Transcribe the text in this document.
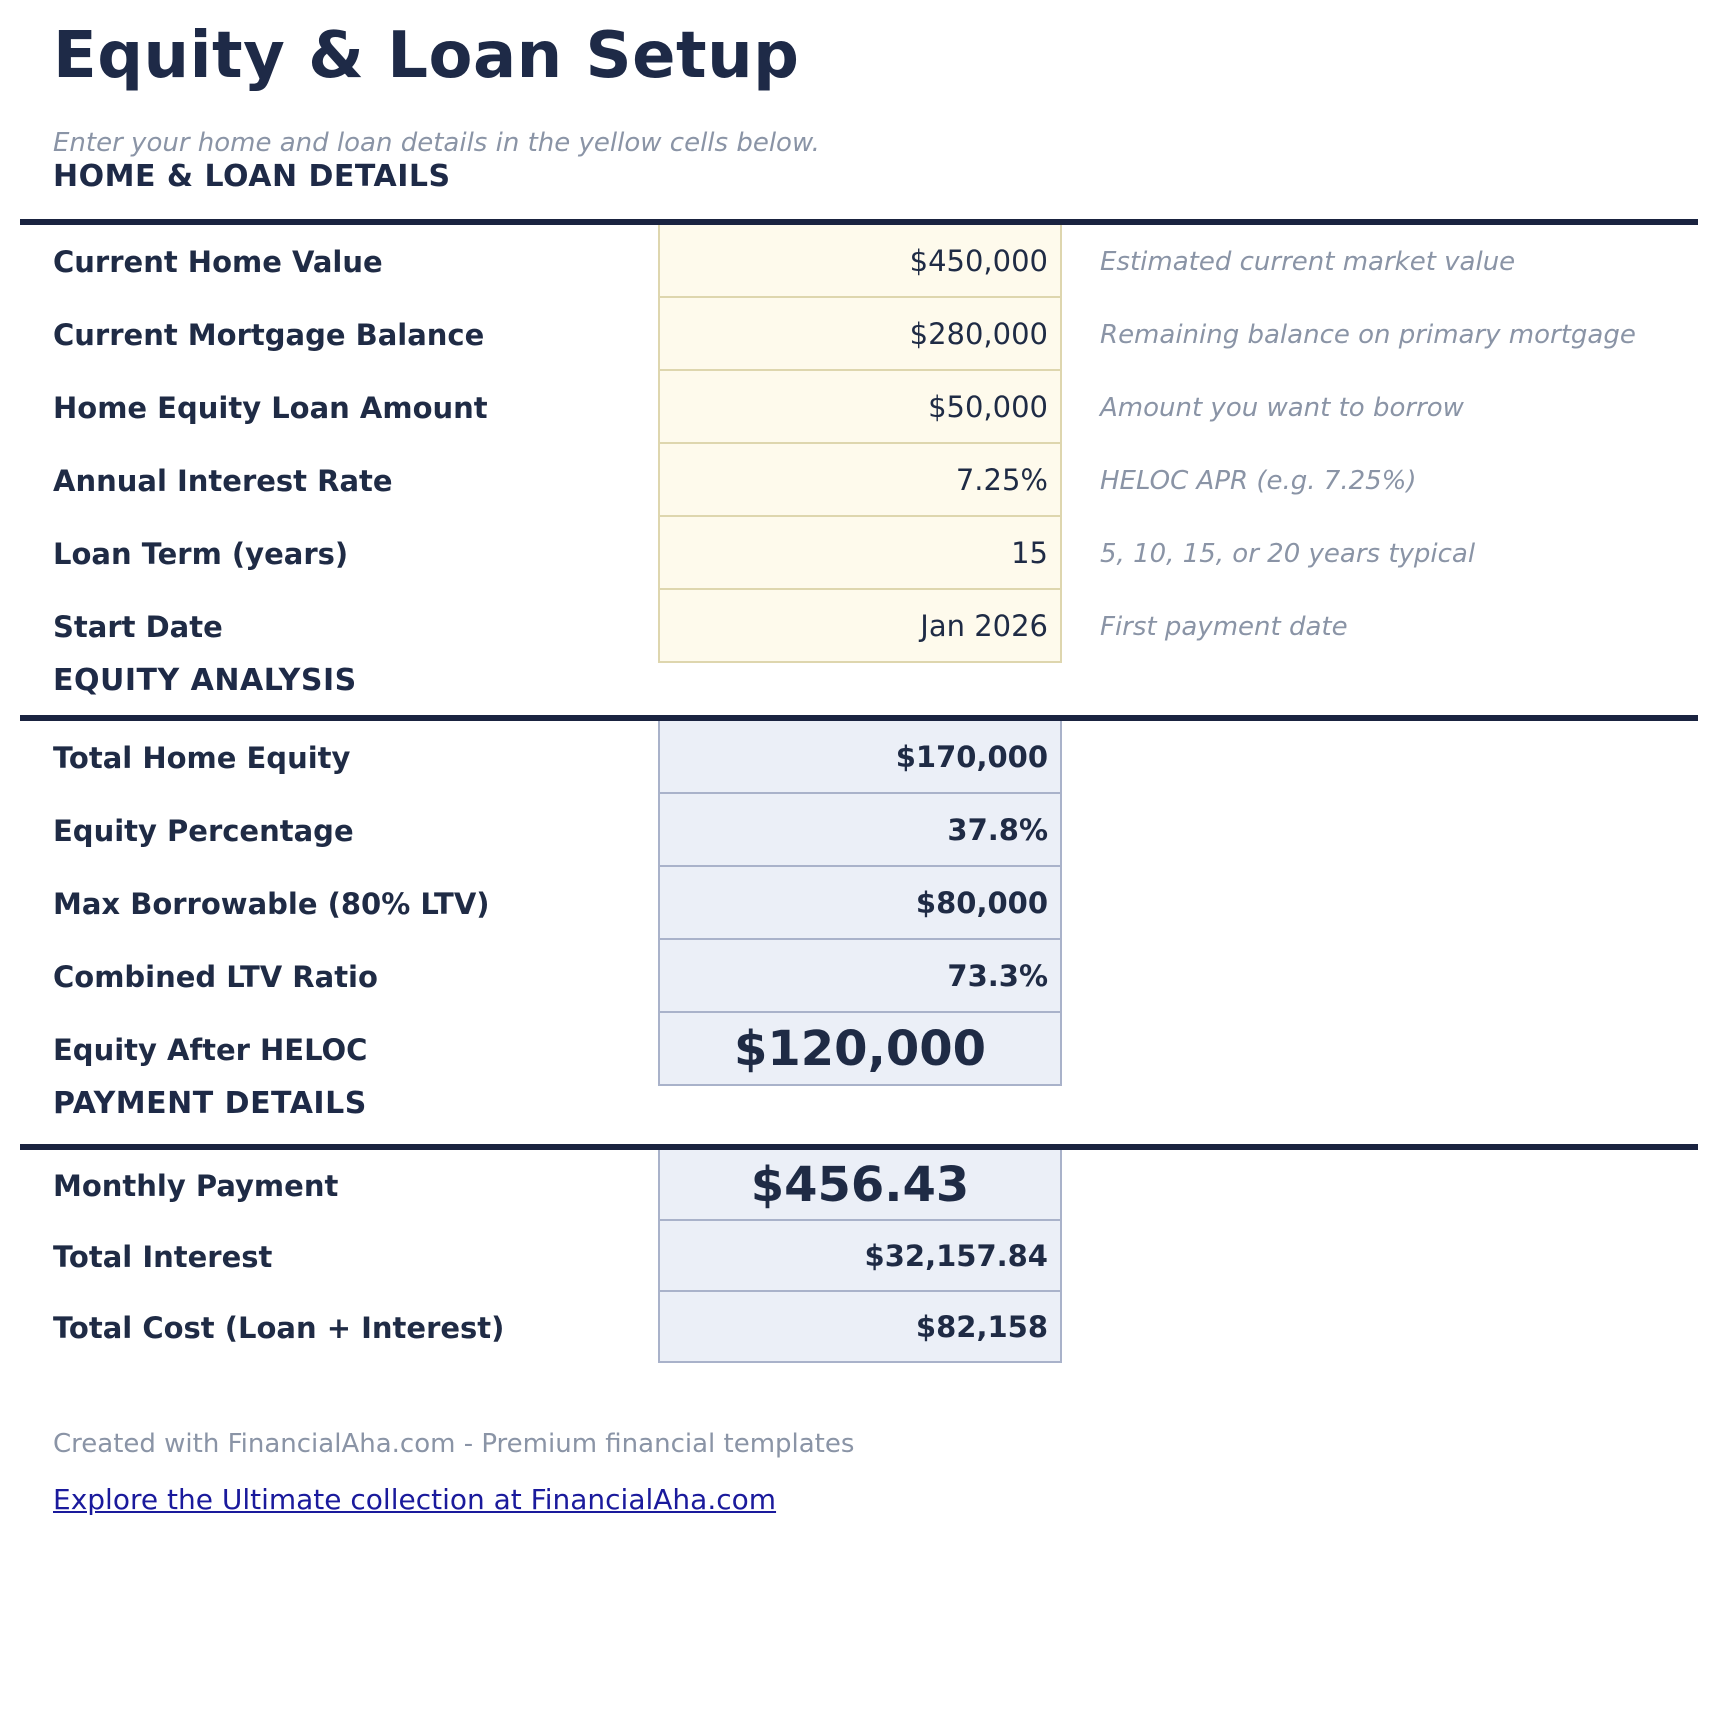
Equity & Loan Setup

Enter your home and loan details in the yellow cells below.

HOME & LOAN DETAILS
Current Home Value	$450,000	Estimated current market value
Current Mortgage Balance	$280,000	Remaining balance on primary mortgage
Home Equity Loan Amount	$50,000	Amount you want to borrow
Annual Interest Rate	7.25%	HELOC APR (e.g. 7.25%)
Loan Term (years)	15	5, 10, 15, or 20 years typical
Start Date	Jan 2026	First payment date
EQUITY ANALYSIS
Total Home Equity	$170,000
Equity Percentage	37.8%
Max Borrowable (80% LTV)	$80,000
Combined LTV Ratio	73.3%
Equity After HELOC	$120,000
PAYMENT DETAILS
Monthly Payment	$456.43
Total Interest	$32,157.84
Total Cost (Loan + Interest)	$82,158

Created with FinancialAha.com - Premium financial templates

Explore the Ultimate collection at FinancialAha.com
